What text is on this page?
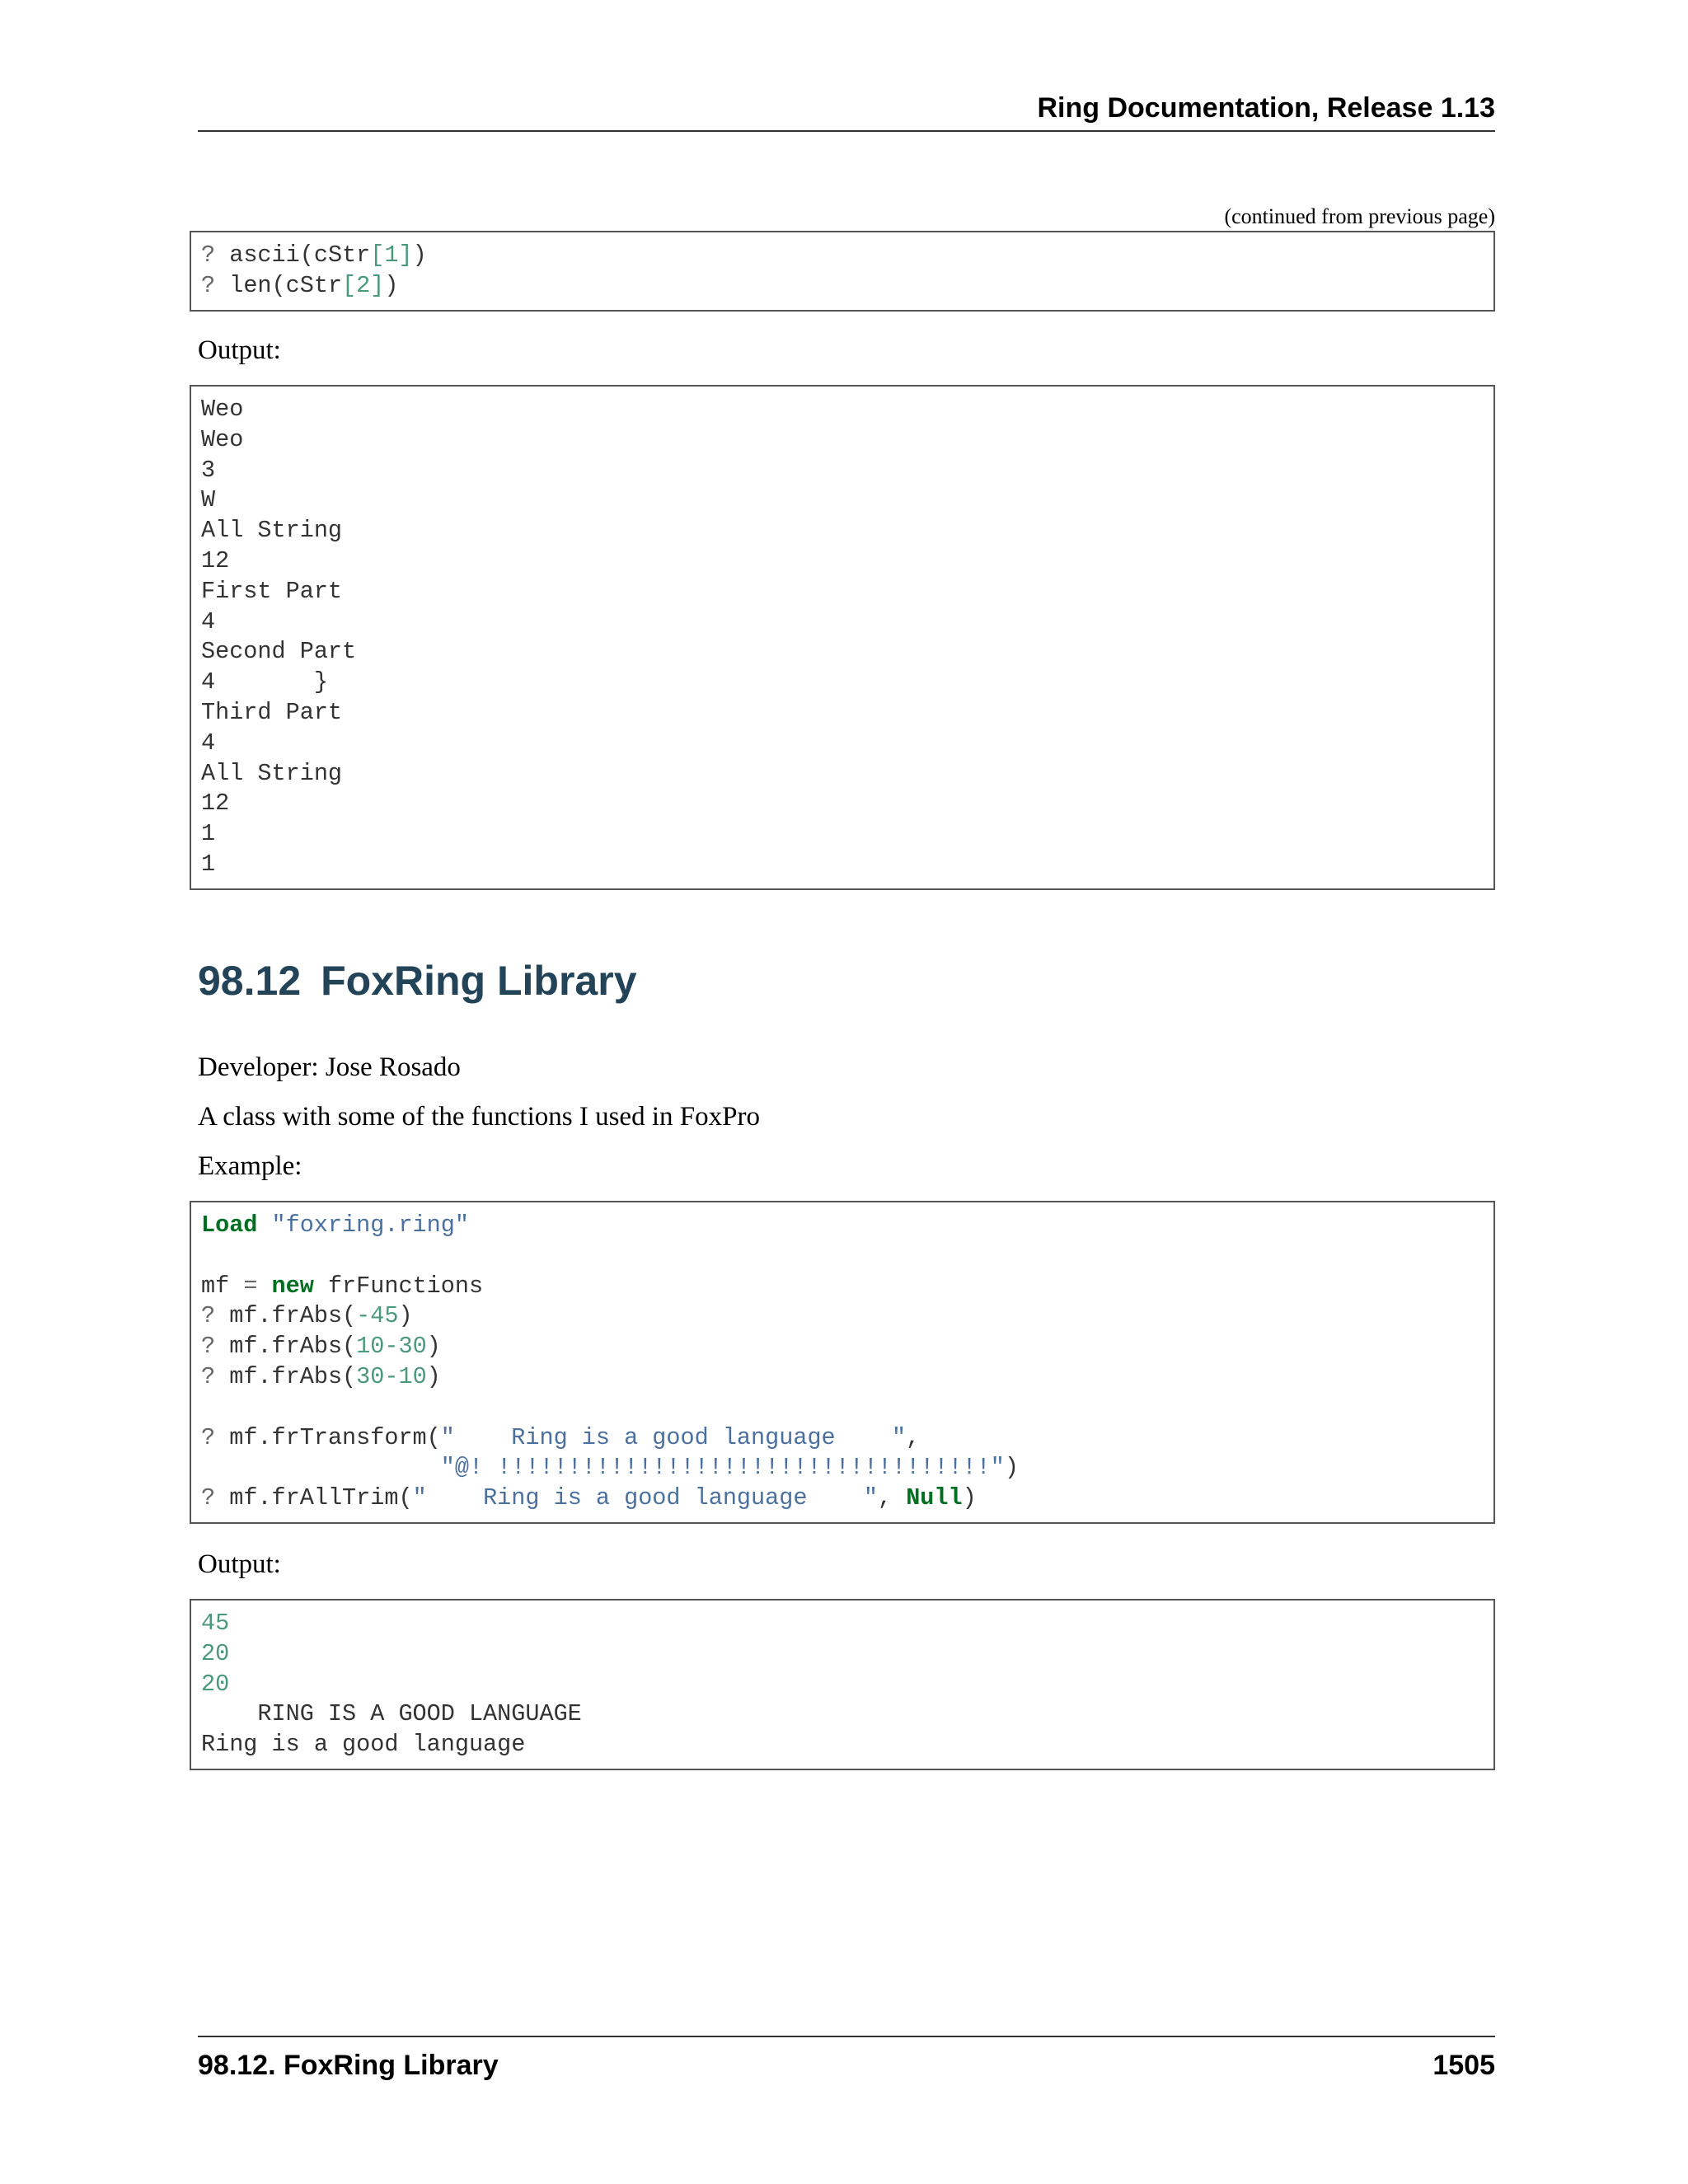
Ring Documentation, Release 1.13
(continued from previous page)
? ascii(cStr[1])
? len(cStr[2])
Output:
Weo
Weo
3
W
All String
12
First Part
4
Second Part
4       }
Third Part
4
All String
12
1
1
98.12 FoxRing Library
Developer: Jose Rosado
A class with some of the functions I used in FoxPro
Example:
Load "foxring.ring"
mf = new frFunctions
? mf.frAbs(-45)
? mf.frAbs(10-30)
? mf.frAbs(30-10)
? mf.frTransform("    Ring is a good language    ",
"@! !!!!!!!!!!!!!!!!!!!!!!!!!!!!!!!!!!!")
? mf.frAllTrim("    Ring is a good language    ", Null)
Output:
45
20
20
RING IS A GOOD LANGUAGE
Ring is a good language
98.12. FoxRing Library	1505
